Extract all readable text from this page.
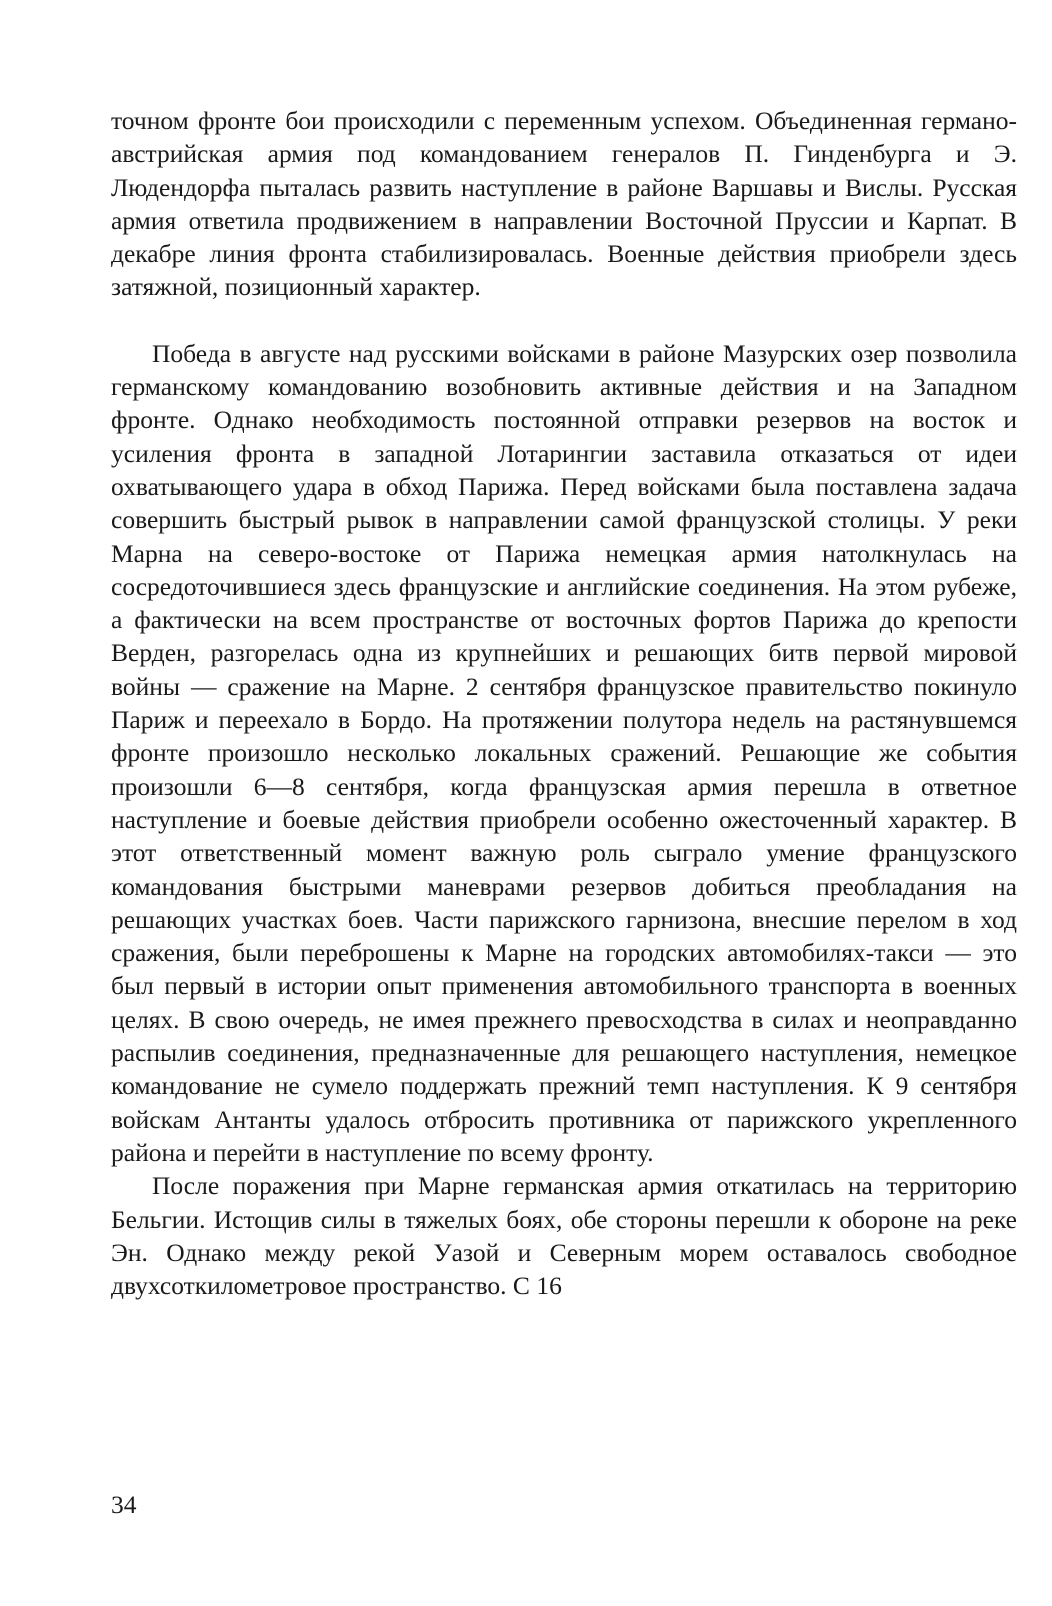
точном фронте бои происходили с переменным успехом. Объединенная германо-австрийская армия под командованием генералов П. Гинденбурга и Э. Людендорфа пыталась развить наступление в районе Варшавы и Вислы. Русская армия ответила продвижением в направлении Восточной Пруссии и Карпат. В декабре линия фронта стабилизировалась. Военные действия приобрели здесь затяжной, позиционный характер.

Победа в августе над русскими войсками в районе Мазурских озер позволила германскому командованию возобновить активные действия и на Западном фронте. Однако необходимость постоянной отправки резервов на восток и усиления фронта в западной Лотарингии заставила отказаться от идеи охватывающего удара в обход Парижа. Перед войсками была поставлена задача совершить быстрый рывок в направлении самой французской столицы. У реки Марна на северо-востоке от Парижа немецкая армия натолкнулась на сосредоточившиеся здесь французские и английские соединения. На этом рубеже, а фактически на всем пространстве от восточных фортов Парижа до крепости Верден, разгорелась одна из крупнейших и решающих битв первой мировой войны — сражение на Марне. 2 сентября французское правительство покинуло Париж и переехало в Бордо. На протяжении полутора недель на растянувшемся фронте произошло несколько локальных сражений. Решающие же события произошли 6—8 сентября, когда французская армия перешла в ответное наступление и боевые действия приобрели особенно ожесточенный характер. В этот ответственный момент важную роль сыграло умение французского командования быстрыми маневрами резервов добиться преобладания на решающих участках боев. Части парижского гарнизона, внесшие перелом в ход сражения, были переброшены к Марне на городских автомобилях-такси — это был первый в истории опыт применения автомобильного транспорта в военных целях. В свою очередь, не имея прежнего превосходства в силах и неоправданно распылив соединения, предназначенные для решающего наступления, немецкое командование не сумело поддержать прежний темп наступления. К 9 сентября войскам Антанты удалось отбросить противника от парижского укрепленного района и перейти в наступление по всему фронту.

После поражения при Марне германская армия откатилась на территорию Бельгии. Истощив силы в тяжелых боях, обе стороны перешли к обороне на реке Эн. Однако между рекой Уазой и Северным морем оставалось свободное двухсоткилометровое пространство. С 16

34
